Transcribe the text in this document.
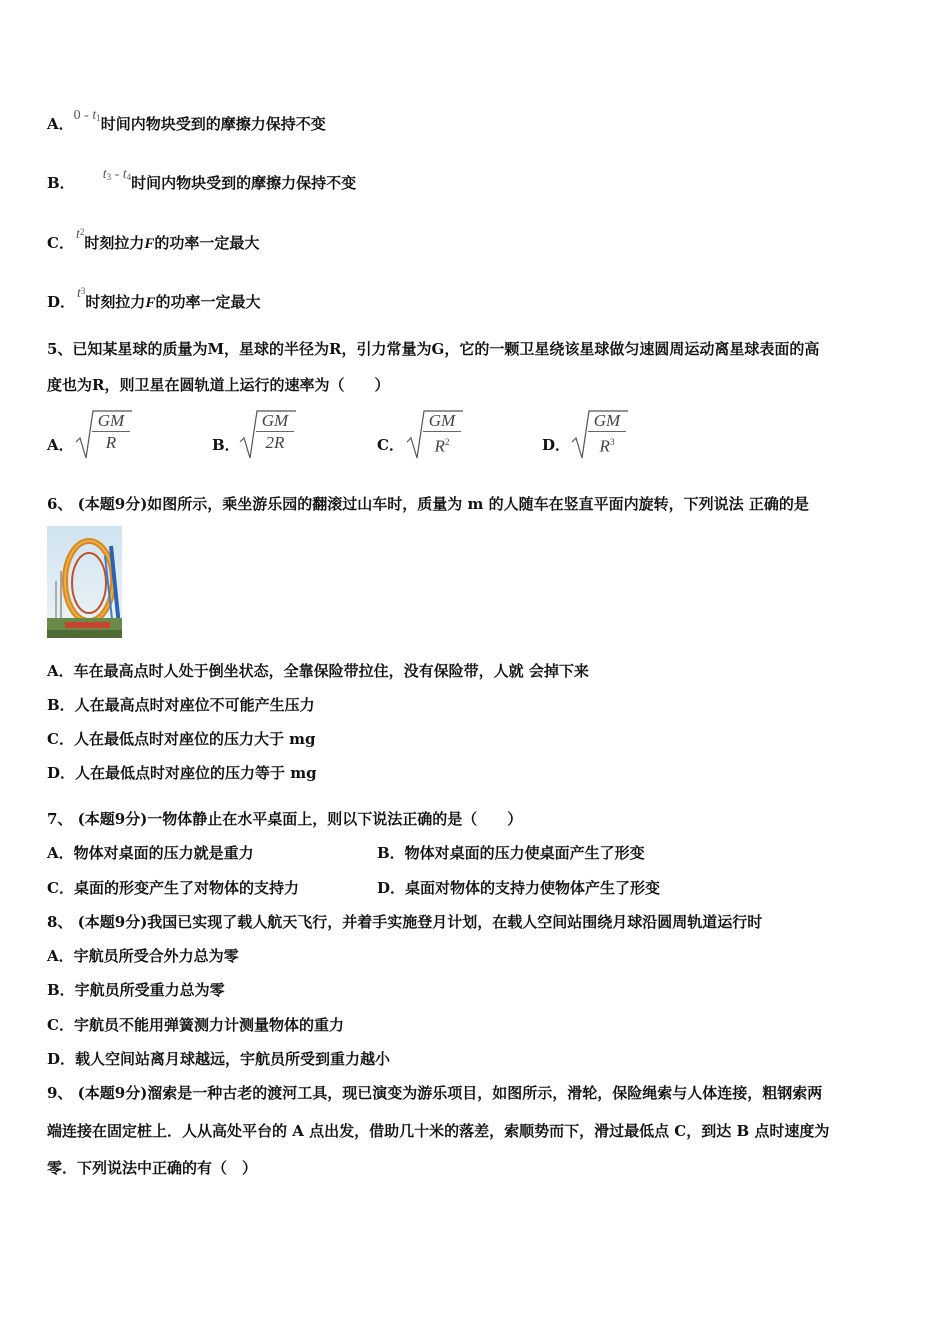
A．$0 - t_1$时间内物块受到的摩擦力保持不变
B． $t_3 - t_4$时间内物块受到的摩擦力保持不变
C． $t^2$时刻拉力F的功率一定最大
D． $t^3$时刻拉力F的功率一定最大
5、已知某星球的质量为M，星球的半径为R，引力常量为G，它的一颗卫星绕该星球做匀速圆周运动离星球表面的高
度也为R，则卫星在圆轨道上运行的速率为（　　）
A．
GM
R	B．
GM
2R	C．
GM
$R^2$	D．
GM
$R^3$
6、 (本题9分)如图所示，乘坐游乐园的翻滚过山车时，质量为 m 的人随车在竖直平面内旋转，下列说法 正确的是
A．车在最高点时人处于倒坐状态，全靠保险带拉住，没有保险带，人就 会掉下来
B．人在最高点时对座位不可能产生压力
C．人在最低点时对座位的压力大于 mg
D．人在最低点时对座位的压力等于 mg
7、 (本题9分)一物体静止在水平桌面上，则以下说法正确的是（　　）
A．物体对桌面的压力就是重力	B．物体对桌面的压力使桌面产生了形变
C．桌面的形变产生了对物体的支持力	D．桌面对物体的支持力使物体产生了形变
8、 (本题9分)我国已实现了载人航天飞行，并着手实施登月计划，在载人空间站围绕月球沿圆周轨道运行时
A．宇航员所受合外力总为零
B．宇航员所受重力总为零
C．宇航员不能用弹簧测力计测量物体的重力
D．载人空间站离月球越远，宇航员所受到重力越小
9、 (本题9分)溜索是一种古老的渡河工具，现已演变为游乐项目，如图所示，滑轮，保险绳索与人体连接，粗钢索两
端连接在固定桩上．人从高处平台的 A 点出发，借助几十米的落差，索顺势而下，滑过最低点 C，到达 B 点时速度为
零．下列说法中正确的有（　）
